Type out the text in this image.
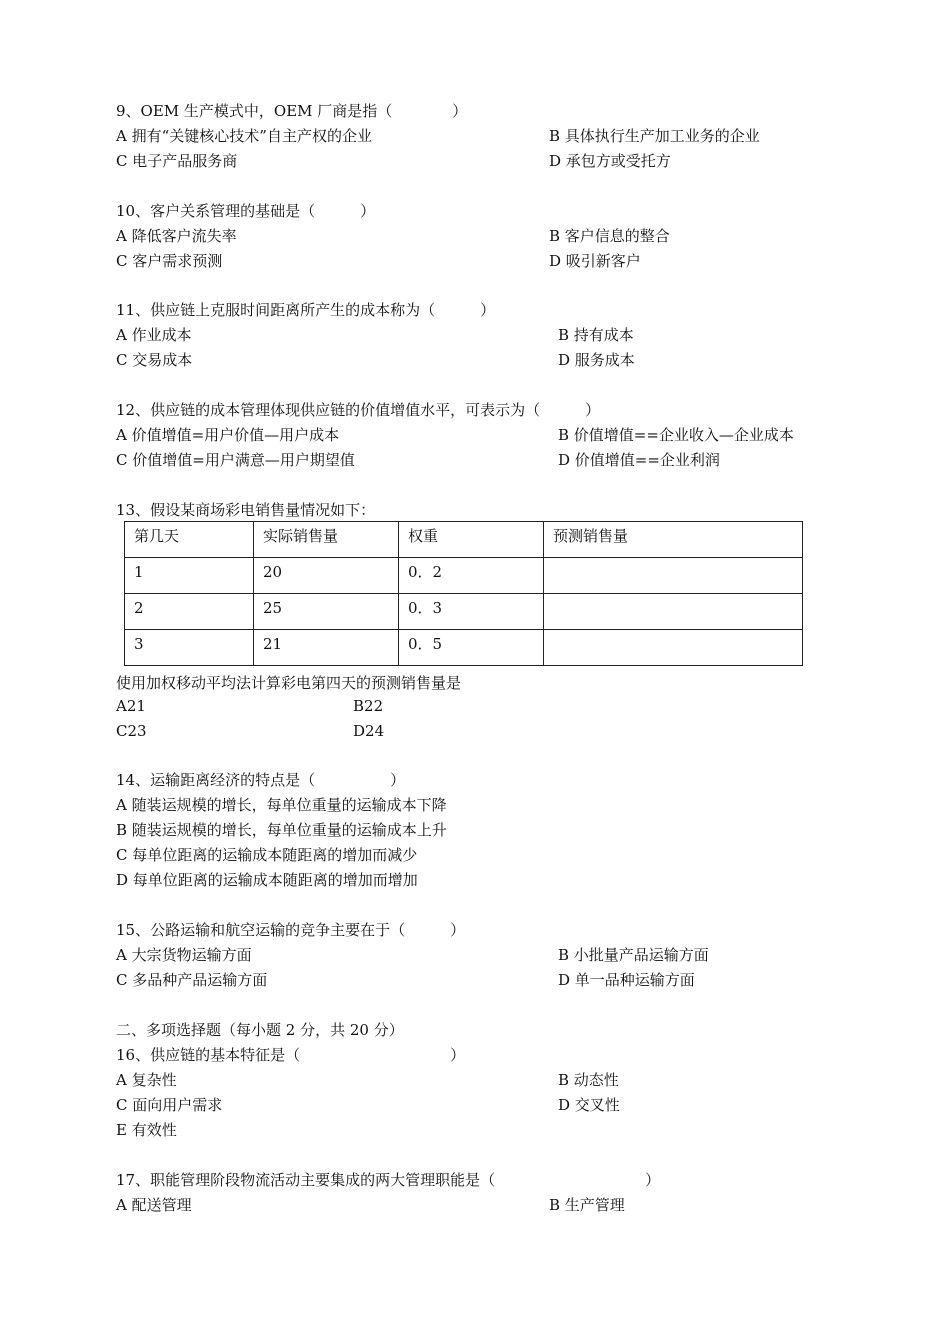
9、OEM 生产模式中，OEM 厂商是指（　　　　）
A 拥有“关键核心技术”自主产权的企业	B 具体执行生产加工业务的企业
C 电子产品服务商	D 承包方或受托方
10、客户关系管理的基础是（　　　）
A 降低客户流失率	B 客户信息的整合
C 客户需求预测	D 吸引新客户
11、供应链上克服时间距离所产生的成本称为（　　　）
A 作业成本	B 持有成本
C 交易成本	D 服务成本
12、供应链的成本管理体现供应链的价值增值水平，可表示为（　　　）
A 价值增值=用户价值—用户成本	B 价值增值==企业收入—企业成本
C 价值增值=用户满意—用户期望值	D 价值增值==企业利润
13、假设某商场彩电销售量情况如下：
第几天	实际销售量	权重	预测销售量
1	20	0．2	
2	25	0．3	
3	21	0．5	
使用加权移动平均法计算彩电第四天的预测销售量是
A21	B22
C23	D24
14、运输距离经济的特点是（　　　　　）
A 随装运规模的增长，每单位重量的运输成本下降
B 随装运规模的增长，每单位重量的运输成本上升
C 每单位距离的运输成本随距离的增加而减少
D 每单位距离的运输成本随距离的增加而增加
15、公路运输和航空运输的竞争主要在于（　　　）
A 大宗货物运输方面	B 小批量产品运输方面
C 多品种产品运输方面	D 单一品种运输方面
二、多项选择题（每小题 2 分，共 20 分）
16、供应链的基本特征是（　　　　　　　　　　）
A 复杂性	B 动态性
C 面向用户需求	D 交叉性
E 有效性
17、职能管理阶段物流活动主要集成的两大管理职能是（　　　　　　　　　　）
A 配送管理	B 生产管理
